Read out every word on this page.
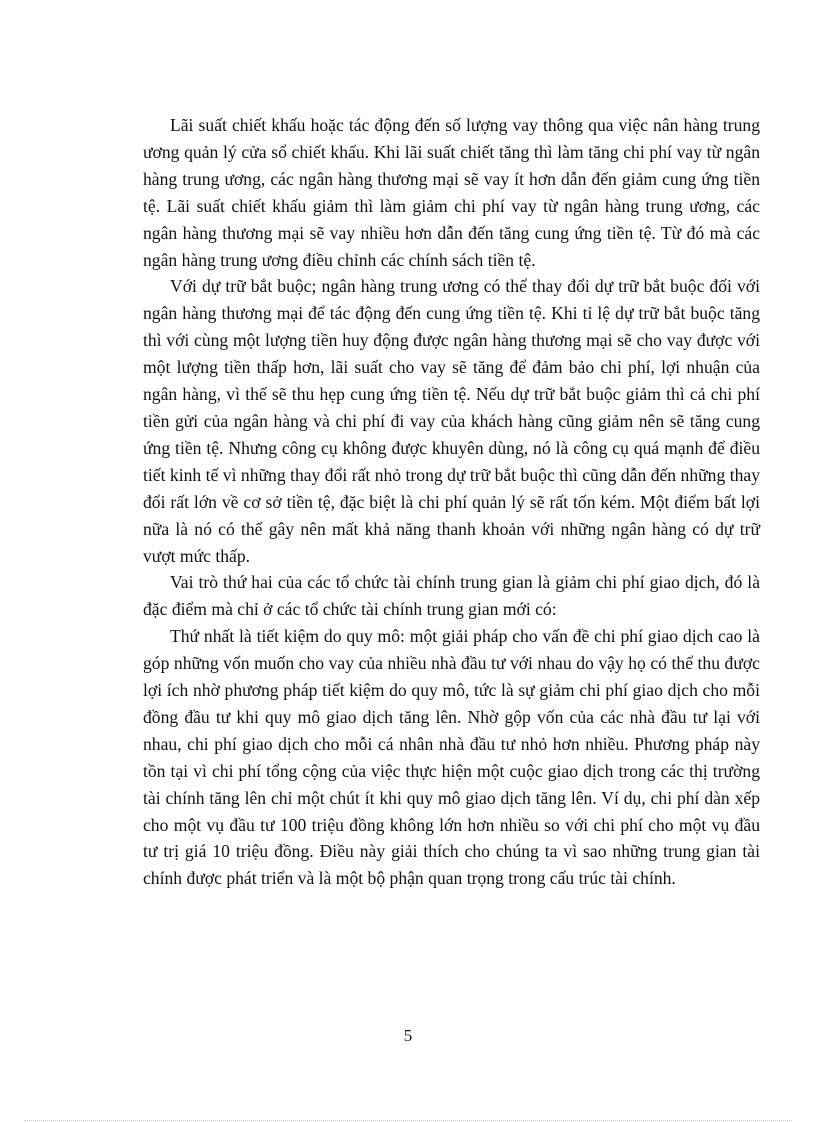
Lãi suất chiết khấu hoặc tác động đến số lượng vay thông qua việc nân hàng trung ương quản lý cửa sổ chiết khấu. Khi lãi suất chiết tăng thì làm tăng chi phí vay từ ngân hàng trung ương, các ngân hàng thương mại sẽ vay ít hơn dẫn đến giảm cung ứng tiền tệ. Lãi suất chiết khấu giảm thì làm giảm chi phí vay từ ngân hàng trung ương, các ngân hàng thương mại sẽ vay nhiều hơn dẫn đến tăng cung ứng tiền tệ. Từ đó mà các ngân hàng trung ương điều chỉnh các chính sách tiền tệ.

Với dự trữ bắt buộc; ngân hàng trung ương có thể thay đổi dự trữ bắt buộc đối với ngân hàng thương mại để tác động đến cung ứng tiền tệ. Khi tỉ lệ dự trữ bắt buộc tăng thì với cùng một lượng tiền huy động được ngân hàng thương mại sẽ cho vay được với một lượng tiền thấp hơn, lãi suất cho vay sẽ tăng để đảm bảo chi phí, lợi nhuận của ngân hàng, vì thế sẽ thu hẹp cung ứng tiền tệ. Nếu dự trữ bắt buộc giảm thì cả chi phí tiền gửi của ngân hàng và chi phí đi vay của khách hàng cũng giảm nên sẽ tăng cung ứng tiền tệ. Nhưng công cụ không được khuyên dùng, nó là công cụ quá mạnh để điều tiết kinh tế vì những thay đổi rất nhỏ trong dự trữ bắt buộc thì cũng dẫn đến những thay đổi rất lớn về cơ sở tiền tệ, đặc biệt là chi phí quản lý sẽ rất tốn kém. Một điểm bất lợi nữa là nó có thể gây nên mất khả năng thanh khoản với những ngân hàng có dự trữ vượt mức thấp.

Vai trò thứ hai của các tổ chức tài chính trung gian là giảm chi phí giao dịch, đó là đặc điểm mà chỉ ở các tổ chức tài chính trung gian mới có:

Thứ nhất là tiết kiệm do quy mô: một giải pháp cho vấn đề chi phí giao dịch cao là góp những vốn muốn cho vay của nhiều nhà đầu tư với nhau do vậy họ có thể thu được lợi ích nhờ phương pháp tiết kiệm do quy mô, tức là sự giảm chi phí giao dịch cho mỗi đồng đầu tư khi quy mô giao dịch tăng lên. Nhờ gộp vốn của các nhà đầu tư lại với nhau, chi phí giao dịch cho mỗi cá nhân nhà đầu tư nhỏ hơn nhiều. Phương pháp này tồn tại vì chi phí tổng cộng của việc thực hiện một cuộc giao dịch trong các thị trường tài chính tăng lên chỉ một chút ít khi quy mô giao dịch tăng lên. Ví dụ, chi phí dàn xếp cho một vụ đầu tư 100 triệu đồng không lớn hơn nhiều so với chi phí cho một vụ đầu tư trị giá 10 triệu đồng. Điều này giải thích cho chúng ta vì sao những trung gian tài chính được phát triển và là một bộ phận quan trọng trong cấu trúc tài chính.

5
